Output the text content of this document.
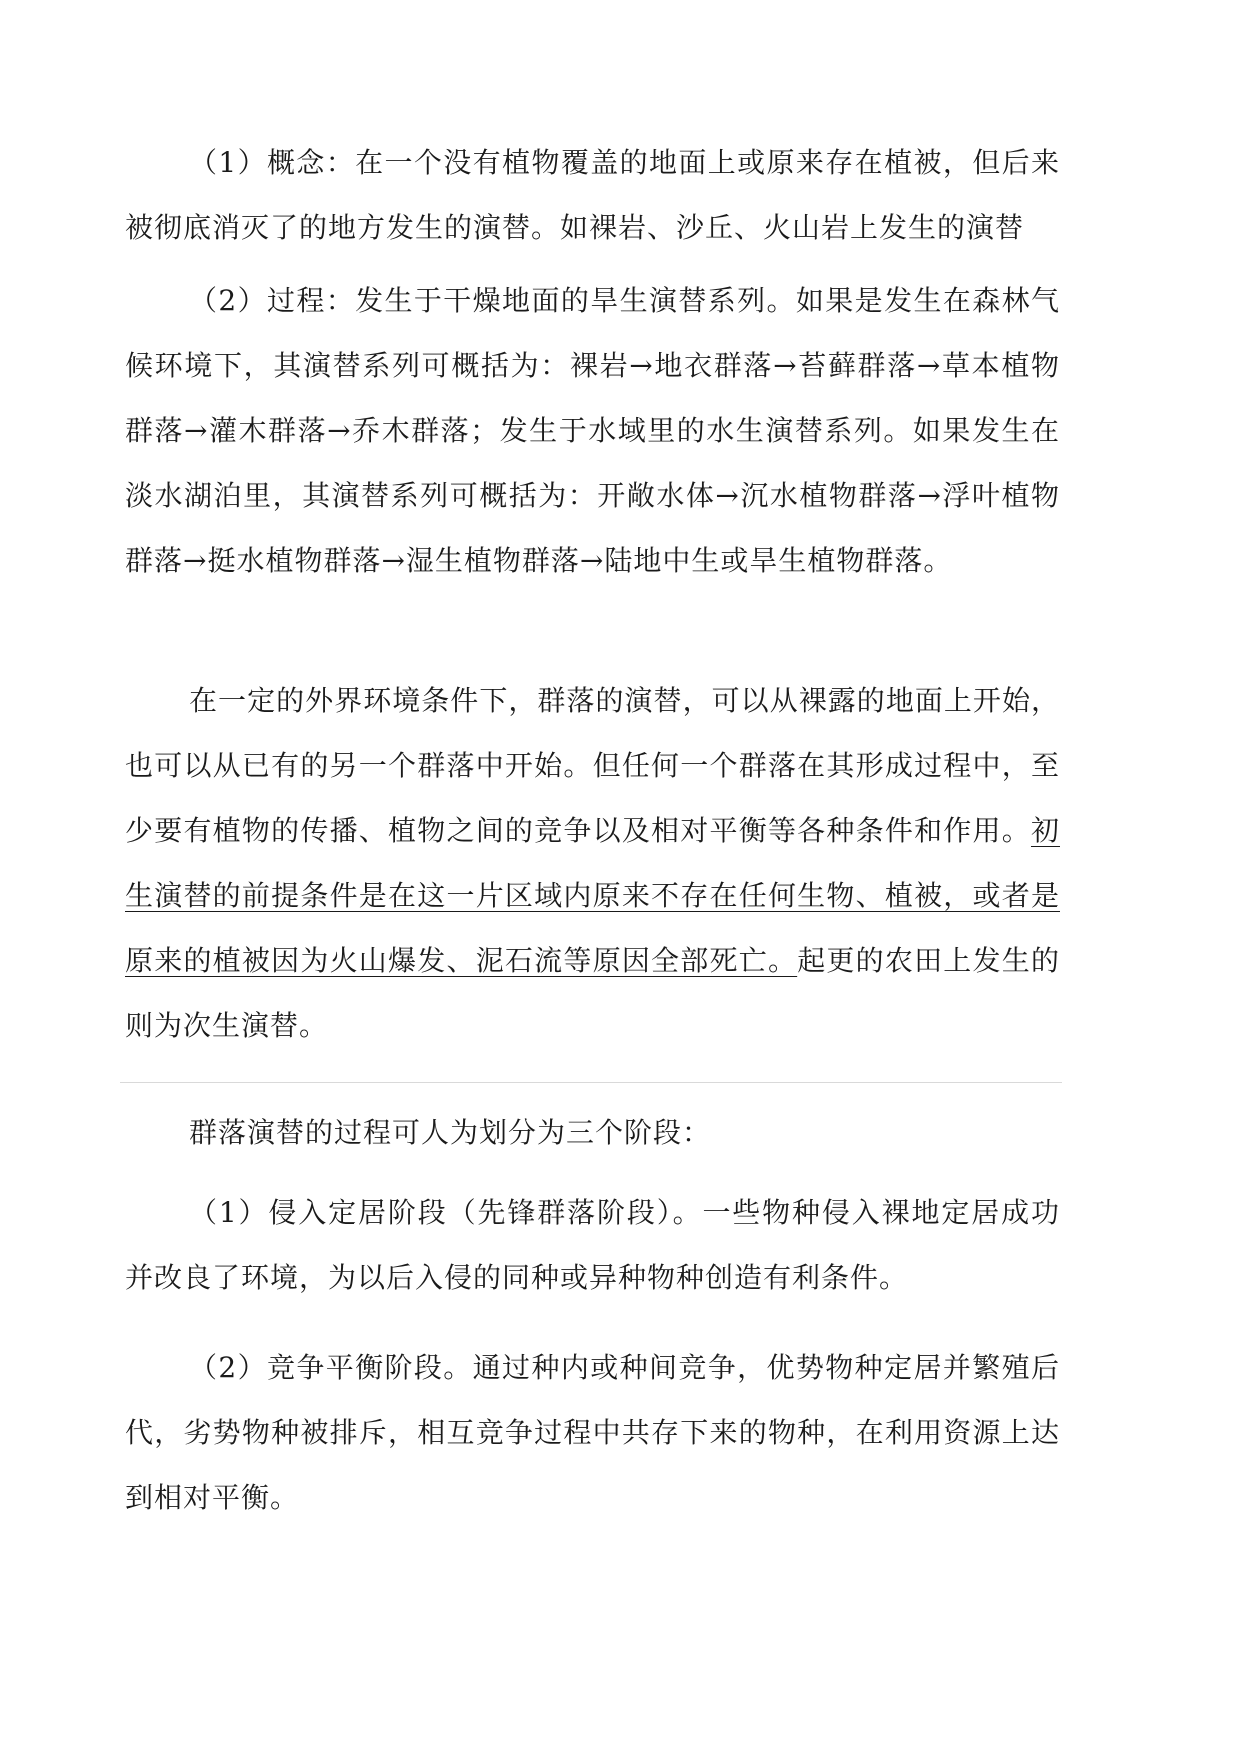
（1）概念：在一个没有植物覆盖的地面上或原来存在植被，但后来被彻底消灭了的地方发生的演替。如裸岩、沙丘、火山岩上发生的演替

（2）过程：发生于干燥地面的旱生演替系列。如果是发生在森林气候环境下，其演替系列可概括为：裸岩→地衣群落→苔藓群落→草本植物群落→灌木群落→乔木群落；发生于水域里的水生演替系列。如果发生在淡水湖泊里，其演替系列可概括为：开敞水体→沉水植物群落→浮叶植物群落→挺水植物群落→湿生植物群落→陆地中生或旱生植物群落。

在一定的外界环境条件下，群落的演替，可以从裸露的地面上开始，也可以从已有的另一个群落中开始。但任何一个群落在其形成过程中，至少要有植物的传播、植物之间的竞争以及相对平衡等各种条件和作用。初生演替的前提条件是在这一片区域内原来不存在任何生物、植被，或者是原来的植被因为火山爆发、泥石流等原因全部死亡。起更的农田上发生的则为次生演替。

群落演替的过程可人为划分为三个阶段：

（1）侵入定居阶段（先锋群落阶段）。一些物种侵入裸地定居成功并改良了环境，为以后入侵的同种或异种物种创造有利条件。

（2）竞争平衡阶段。通过种内或种间竞争，优势物种定居并繁殖后代，劣势物种被排斥，相互竞争过程中共存下来的物种，在利用资源上达到相对平衡。
